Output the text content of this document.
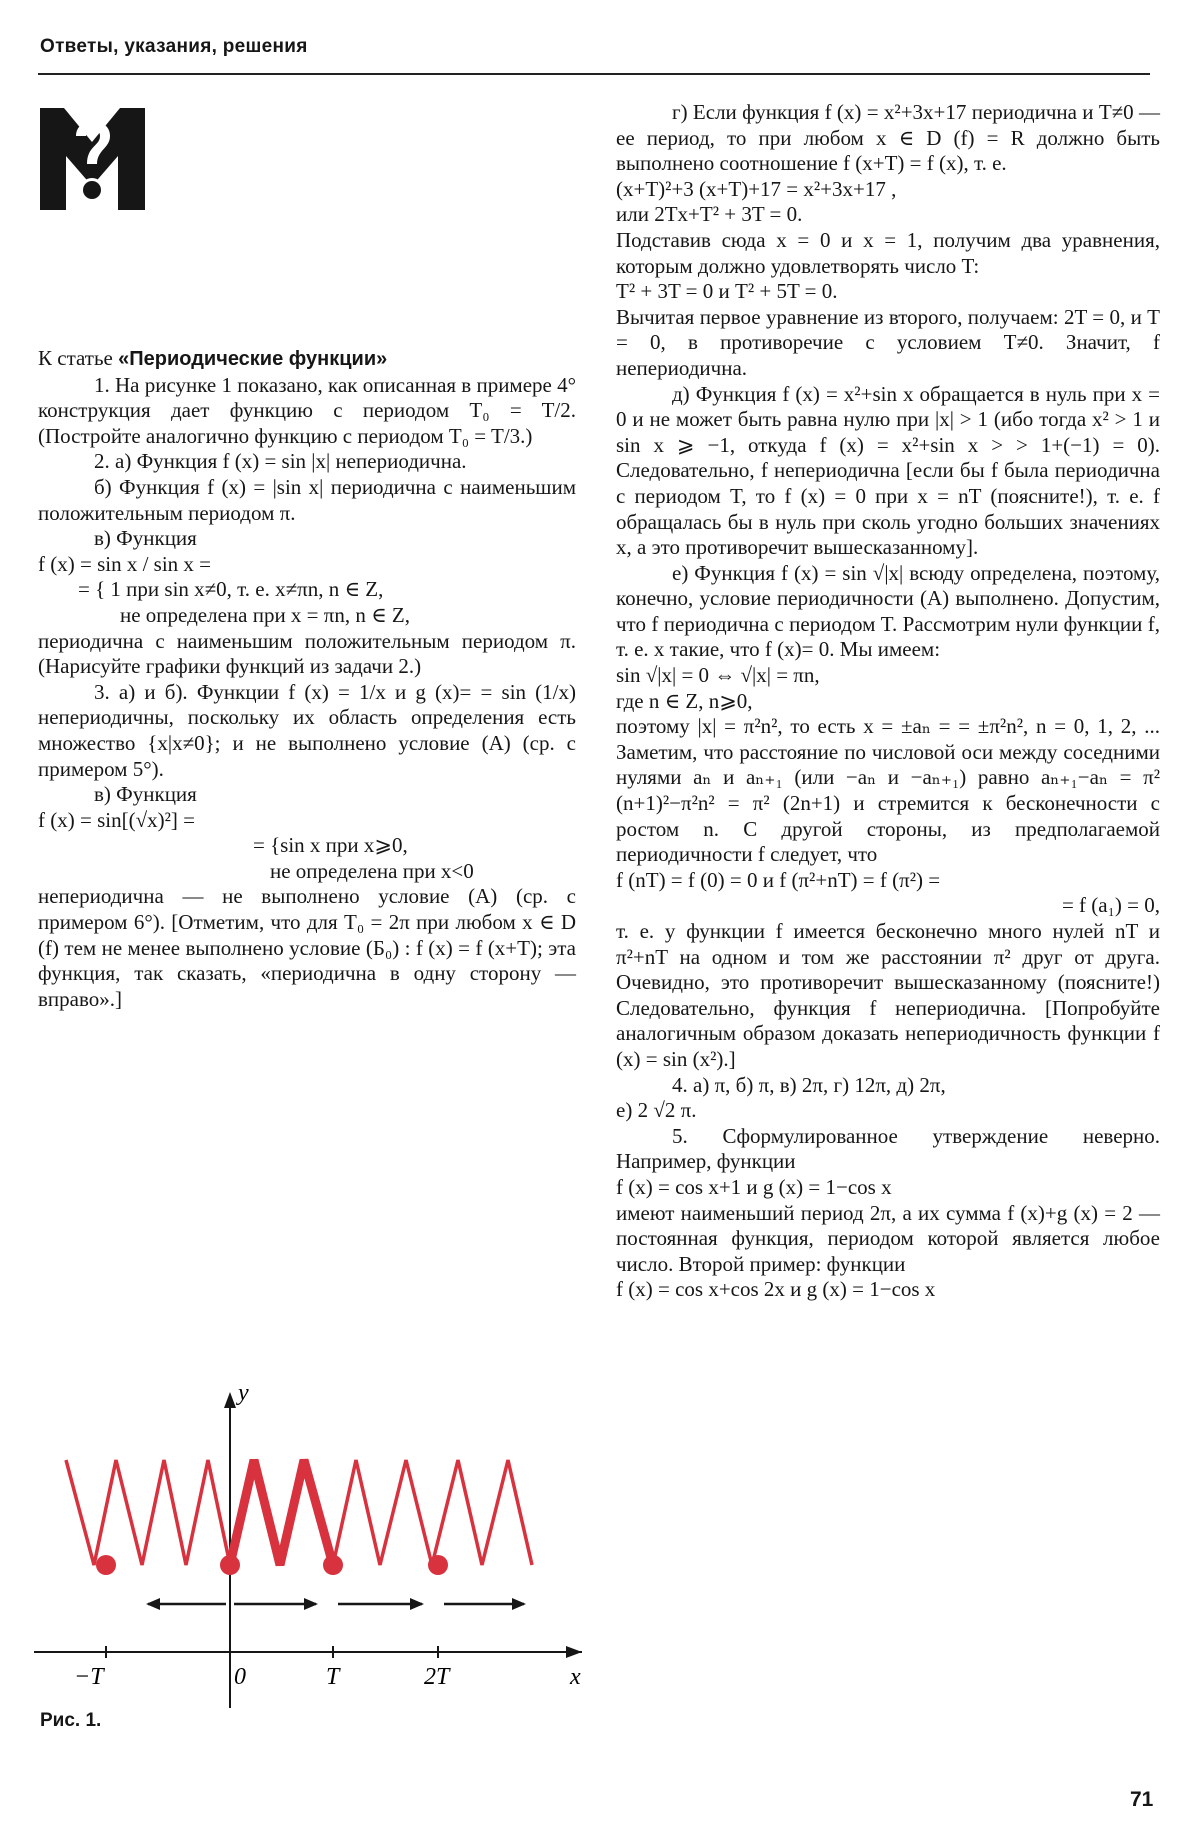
Ответы, указания, решения

К статье «Периодические функции»

1. На рисунке 1 показано, как описанная в примере 4° конструкция дает функцию с периодом T₀ = T/2. (Постройте аналогично функцию с периодом T₀ = T/3.)

2. а) Функция f (x) = sin |x| непериодична.

б) Функция f (x) = |sin x| периодична с наименьшим положительным периодом π.

в) Функция

f (x) = sin x / sin x =

= { 1 при sin x≠0, т. е. x≠πn, n ∈ Z,

не определена при x = πn, n ∈ Z,

периодична с наименьшим положительным периодом π. (Нарисуйте графики функций из задачи 2.)

3. а) и б). Функции f (x) = 1/x и g (x)= = sin (1/x) непериодичны, поскольку их область определения есть множество {x|x≠0}; и не выполнено условие (А) (ср. с примером 5°).

в) Функция

f (x) = sin[(√x)²] =

= {sin x при x⩾0,

не определена при x<0

непериодична — не выполнено условие (А) (ср. с примером 6°). [Отметим, что для T₀ = 2π при любом x ∈ D (f) тем не менее выполнено условие (Б₀) : f (x) = f (x+T); эта функция, так сказать, «периодична в одну сторону — вправо».]

г) Если функция f (x) = x²+3x+17 периодична и T≠0 — ее период, то при любом x ∈ D (f) = R должно быть выполнено соотношение f (x+T) = f (x), т. е.

(x+T)²+3 (x+T)+17 = x²+3x+17 ,

или 2Tx+T² + 3T = 0.

Подставив сюда x = 0 и x = 1, получим два уравнения, которым должно удовлетворять число T:

T² + 3T = 0 и T² + 5T = 0.

Вычитая первое уравнение из второго, получаем: 2T = 0, и T = 0, в противоречие с условием T≠0. Значит, f непериодична.

д) Функция f (x) = x²+sin x обращается в нуль при x = 0 и не может быть равна нулю при |x| > 1 (ибо тогда x² > 1 и sin x ⩾ −1, откуда f (x) = x²+sin x > > 1+(−1) = 0). Следовательно, f непериодична [если бы f была периодична с периодом T, то f (x) = 0 при x = nT (поясните!), т. е. f обращалась бы в нуль при сколь угодно больших значениях x, а это противоречит вышесказанному].

е) Функция f (x) = sin √|x| всюду определена, поэтому, конечно, условие периодичности (А) выполнено. Допустим, что f периодична с периодом T. Рассмотрим нули функции f, т. е. x такие, что f (x)= 0. Мы имеем:

sin √|x| = 0 ⇔ √|x| = πn,

где n ∈ Z, n⩾0,

поэтому |x| = π²n², то есть x = ±aₙ = = ±π²n², n = 0, 1, 2, ... Заметим, что расстояние по числовой оси между соседними нулями aₙ и aₙ₊₁ (или −aₙ и −aₙ₊₁) равно aₙ₊₁−aₙ = π² (n+1)²−π²n² = π² (2n+1) и стремится к бесконечности с ростом n. С другой стороны, из предполагаемой периодичности f следует, что

f (nT) = f (0) = 0 и f (π²+nT) = f (π²) =

= f (a₁) = 0,

т. е. у функции f имеется бесконечно много нулей nT и π²+nT на одном и том же расстоянии π² друг от друга. Очевидно, это противоречит вышесказанному (поясните!) Следовательно, функция f непериодична. [Попробуйте аналогичным образом доказать непериодичность функции f (x) = sin (x²).]

4. а) π, б) π, в) 2π, г) 12π, д) 2π,

е) 2 √2 π.

5. Сформулированное утверждение неверно. Например, функции

f (x) = cos x+1 и g (x) = 1−cos x

имеют наименьший период 2π, а их сумма f (x)+g (x) = 2 — постоянная функция, периодом которой является любое число. Второй пример: функции

f (x) = cos x+cos 2x и g (x) = 1−cos x

y
x
−T	0	T	2T
Рис. 1.
71
